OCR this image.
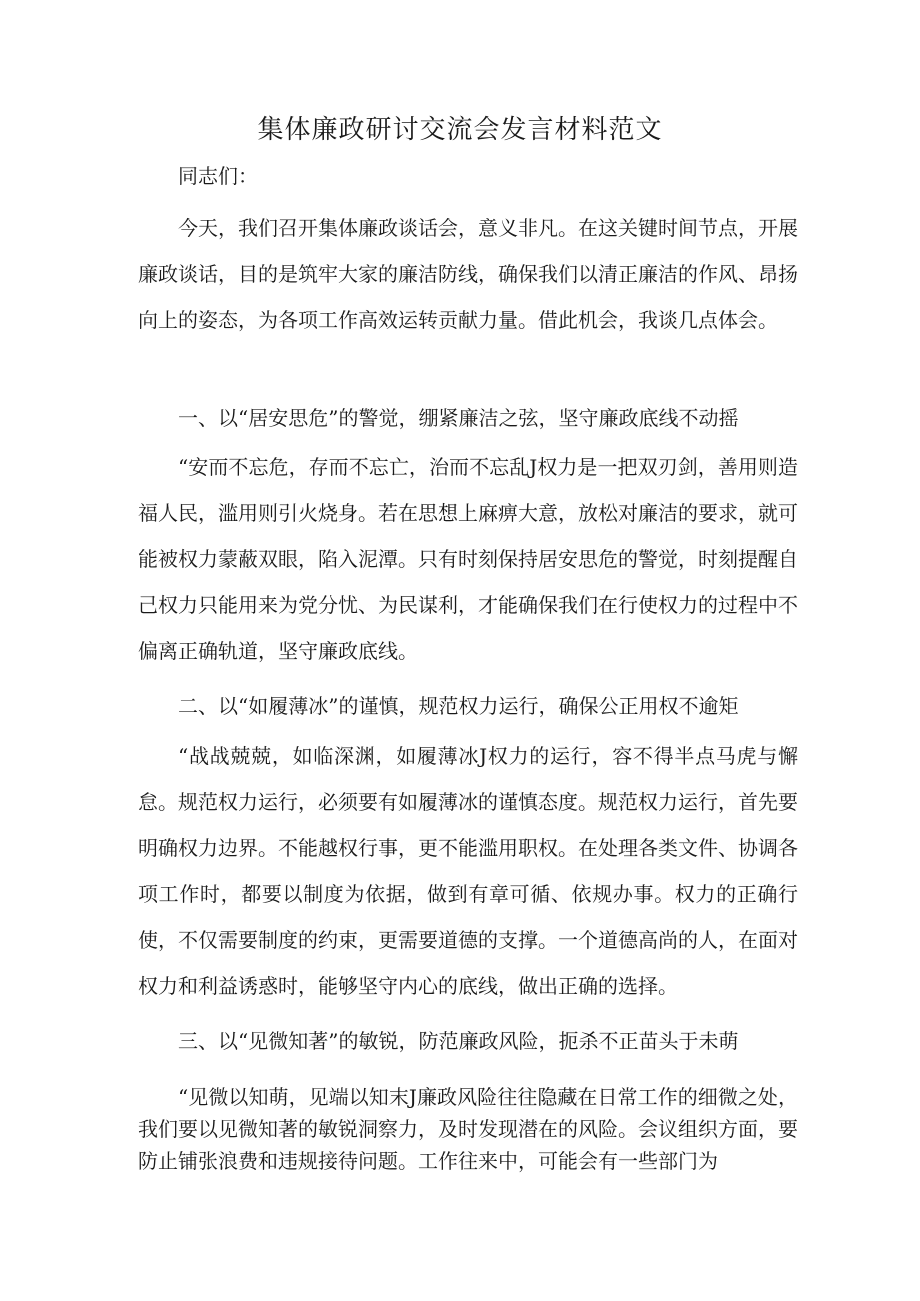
集体廉政研讨交流会发言材料范文
同志们：

今天，我们召开集体廉政谈话会，意义非凡。在这关键时间节点，开展廉政谈话，目的是筑牢大家的廉洁防线，确保我们以清正廉洁的作风、昂扬向上的姿态，为各项工作高效运转贡献力量。借此机会，我谈几点体会。

一、以“居安思危”的警觉，绷紧廉洁之弦，坚守廉政底线不动摇

“安而不忘危，存而不忘亡，治而不忘乱J权力是一把双刃剑，善用则造福人民，滥用则引火烧身。若在思想上麻痹大意，放松对廉洁的要求，就可能被权力蒙蔽双眼，陷入泥潭。只有时刻保持居安思危的警觉，时刻提醒自己权力只能用来为党分忧、为民谋利，才能确保我们在行使权力的过程中不偏离正确轨道，坚守廉政底线。

二、以“如履薄冰”的谨慎，规范权力运行，确保公正用权不逾矩

“战战兢兢，如临深渊，如履薄冰J权力的运行，容不得半点马虎与懈怠。规范权力运行，必须要有如履薄冰的谨慎态度。规范权力运行，首先要明确权力边界。不能越权行事，更不能滥用职权。在处理各类文件、协调各项工作时，都要以制度为依据，做到有章可循、依规办事。权力的正确行使，不仅需要制度的约束，更需要道德的支撑。一个道德高尚的人，在面对权力和利益诱惑时，能够坚守内心的底线，做出正确的选择。

三、以“见微知著”的敏锐，防范廉政风险，扼杀不正苗头于未萌

“见微以知萌，见端以知末J廉政风险往往隐藏在日常工作的细微之处，我们要以见微知著的敏锐洞察力，及时发现潜在的风险。会议组织方面，要防止铺张浪费和违规接待问题。工作往来中，可能会有一些部门为
